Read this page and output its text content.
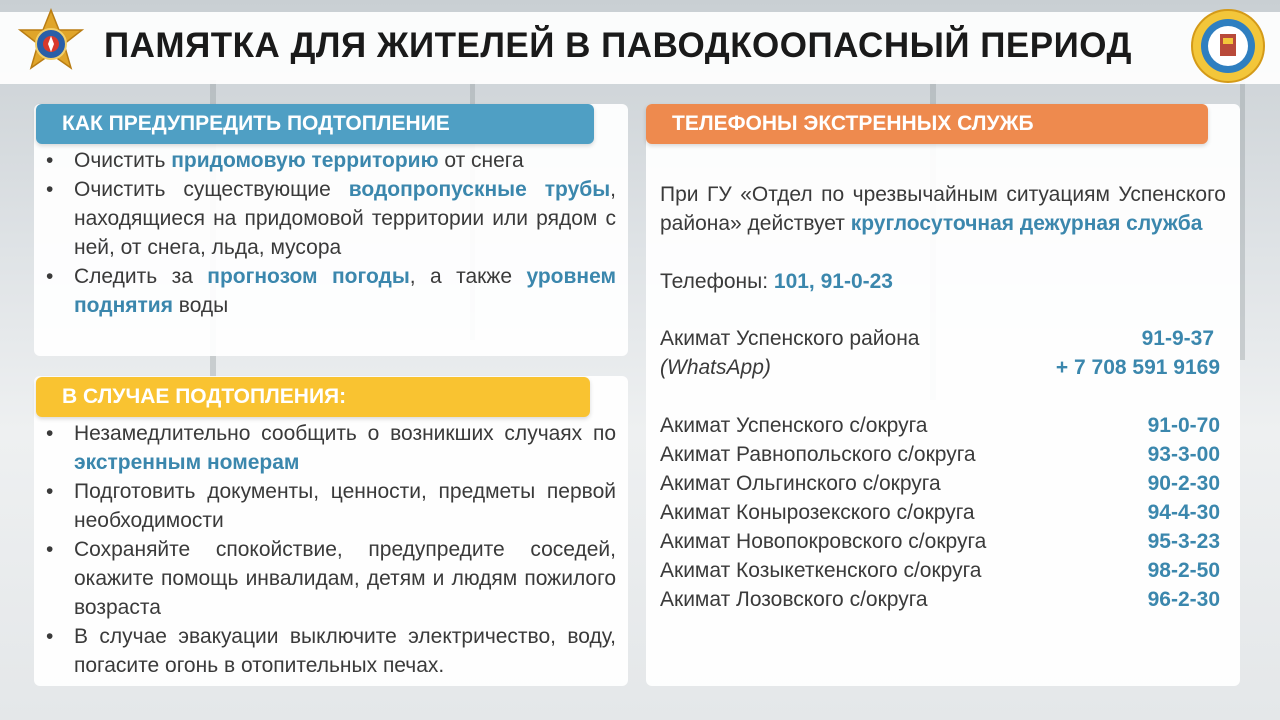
ПАМЯТКА ДЛЯ ЖИТЕЛЕЙ В ПАВОДКООПАСНЫЙ ПЕРИОД
КАК ПРЕДУПРЕДИТЬ ПОДТОПЛЕНИЕ
• Очистить придомовую территорию от снега
• Очистить существующие водопропускные трубы, находящиеся на придомовой территории или рядом с ней, от снега, льда, мусора
• Следить за прогнозом погоды, а также уровнем поднятия воды
В СЛУЧАЕ ПОДТОПЛЕНИЯ:
• Незамедлительно сообщить о возникших случаях по экстренным номерам
• Подготовить документы, ценности, предметы первой необходимости
• Сохраняйте спокойствие, предупредите соседей, окажите помощь инвалидам, детям и людям пожилого возраста
• В случае эвакуации выключите электричество, воду, погасите огонь в отопительных печах.
ТЕЛЕФОНЫ ЭКСТРЕННЫХ СЛУЖБ
При ГУ «Отдел по чрезвычайным ситуациям Успенского района» действует круглосуточная дежурная служба
Телефоны: 101, 91-0-23
Акимат Успенского района	91-9-37
(WhatsApp)	+ 7 708 591 9169
Акимат Успенского с/округа	91-0-70
Акимат Равнопольского с/округа	93-3-00
Акимат Ольгинского с/округа	90-2-30
Акимат Конырозекского с/округа	94-4-30
Акимат Новопокровского с/округа	95-3-23
Акимат Козыкеткенского с/округа	98-2-50
Акимат Лозовского с/округа	96-2-30
